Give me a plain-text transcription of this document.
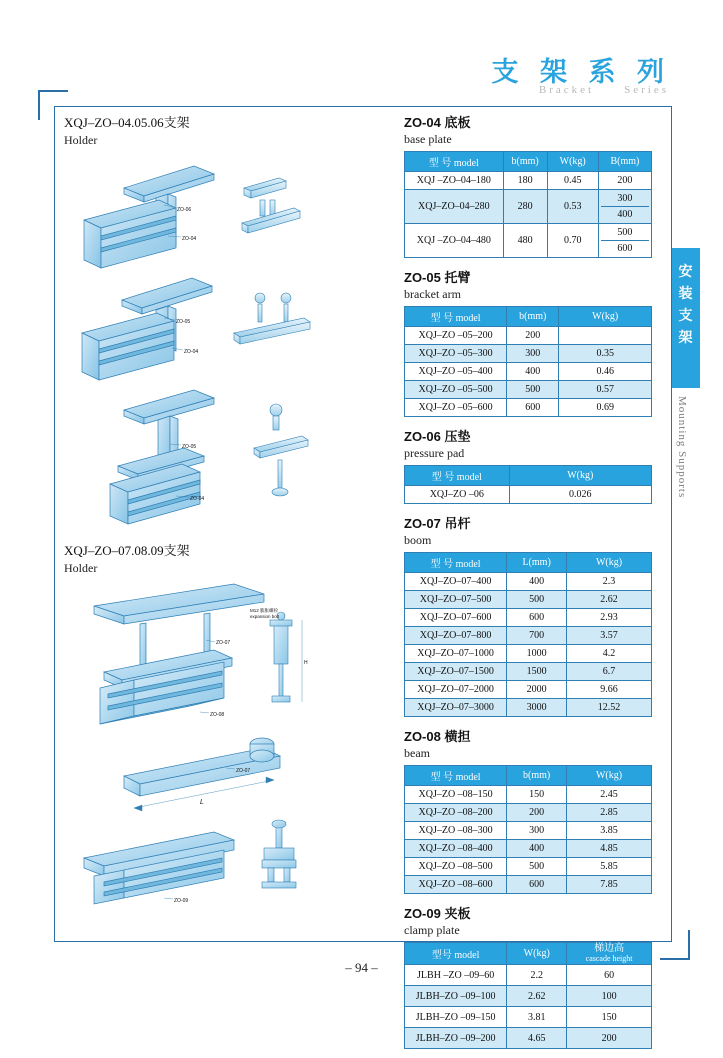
支 架 系 列
Bracket	Series
安 装 支 架
Mounting Supports
XQJ–ZO–04.05.06支架
Holder
ZO-06
ZO-04
ZO-05
ZO-04
ZO-05
ZO-04
XQJ–ZO–07.08.09支架
Holder
H
L
ZO-07
ZO-08
ZO-07
ZO-09
M12 膨胀螺栓
expansion bolt
ZO-04 底板
base plate
型 号 model	b(mm)	W(kg)	B(mm)
XQJ –ZO–04–180	180	0.45	200
XQJ–ZO–04–280	280	0.53	300
400

XQJ –ZO–04–480	480	0.70	500
600
ZO-05 托臂
bracket arm
型 号 model	b(mm)	W(kg)
XQJ–ZO –05–200	200	
XQJ–ZO –05–300	300	0.35
XQJ–ZO –05–400	400	0.46
XQJ–ZO –05–500	500	0.57
XQJ–ZO –05–600	600	0.69
ZO-06 压垫
pressure pad
型 号 model	W(kg)
XQJ–ZO –06	0.026
ZO-07 吊杆
boom
型 号 model	L(mm)	W(kg)
XQJ–ZO–07–400	400	2.3
XQJ–ZO–07–500	500	2.62
XQJ–ZO–07–600	600	2.93
XQJ–ZO–07–800	700	3.57
XQJ–ZO–07–1000	1000	4.2
XQJ–ZO–07–1500	1500	6.7
XQJ–ZO–07–2000	2000	9.66
XQJ–ZO–07–3000	3000	12.52
ZO-08 横担
beam
型 号 model	b(mm)	W(kg)
XQJ–ZO –08–150	150	2.45
XQJ–ZO –08–200	200	2.85
XQJ–ZO –08–300	300	3.85
XQJ–ZO –08–400	400	4.85
XQJ–ZO –08–500	500	5.85
XQJ–ZO –08–600	600	7.85
ZO-09 夹板
clamp plate
型号 model	W(kg)	梯边高
cascade height

JLBH –ZO –09–60	2.2	60
JLBH–ZO –09–100	2.62	100
JLBH–ZO –09–150	3.81	150
JLBH–ZO –09–200	4.65	200
– 94 –
